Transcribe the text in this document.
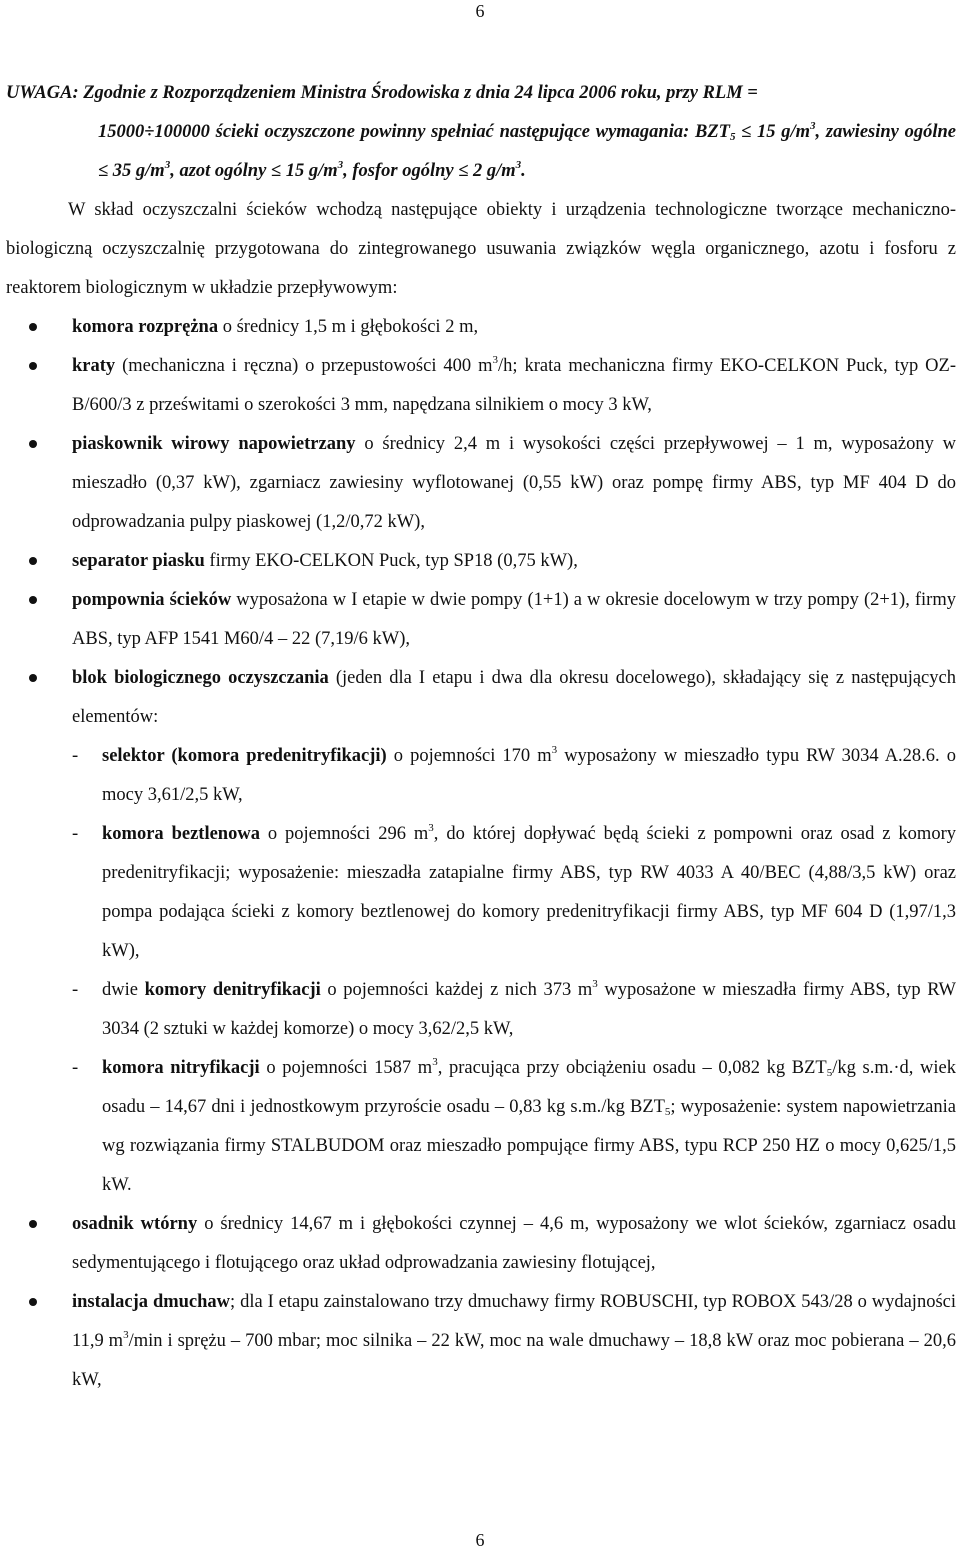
6

UWAGA: Zgodnie z Rozporządzeniem Ministra Środowiska z dnia 24 lipca 2006 roku, przy RLM =
15000÷100000 ścieki oczyszczone powinny spełniać następujące wymagania: $BZT_5 \le 15$ $g/m^3$, zawiesiny ogólne ≤ 35 $g/m^3$, azot ogólny ≤ 15 $g/m^3$, fosfor ogólny ≤ 2 $g/m^3$.

W skład oczyszczalni ścieków wchodzą następujące obiekty i urządzenia technologiczne tworzące mechaniczno-biologiczną oczyszczalnię przygotowana do zintegrowanego usuwania związków węgla organicznego, azotu i fosforu z reaktorem biologicznym w układzie przepływowym:

komora rozprężna o średnicy 1,5 m i głębokości 2 m,
kraty (mechaniczna i ręczna) o przepustowości 400 $m^3/h$; krata mechaniczna firmy EKO-CELKON Puck, typ OZ-B/600/3 z prześwitami o szerokości 3 mm, napędzana silnikiem o mocy 3 kW,
piaskownik wirowy napowietrzany o średnicy 2,4 m i wysokości części przepływowej – 1 m, wyposażony w mieszadło (0,37 kW), zgarniacz zawiesiny wyflotowanej (0,55 kW) oraz pompę firmy ABS, typ MF 404 D do odprowadzania pulpy piaskowej (1,2/0,72 kW),
separator piasku firmy EKO-CELKON Puck, typ SP18 (0,75 kW),
pompownia ścieków wyposażona w I etapie w dwie pompy (1+1) a w okresie docelowym w trzy pompy (2+1), firmy ABS, typ AFP 1541 M60/4 – 22 (7,19/6 kW),
blok biologicznego oczyszczania (jeden dla I etapu i dwa dla okresu docelowego), składający się z następujących elementów:
- selektor (komora predenitryfikacji) o pojemności 170 $m^3$ wyposażony w mieszadło typu RW 3034 A.28.6. o mocy 3,61/2,5 kW,
- komora beztlenowa o pojemności 296 $m^3$, do której dopływać będą ścieki z pompowni oraz osad z komory predenitryfikacji; wyposażenie: mieszadła zatapialne firmy ABS, typ RW 4033 A 40/BEC (4,88/3,5 kW) oraz pompa podająca ścieki z komory beztlenowej do komory predenitryfikacji firmy ABS, typ MF 604 D (1,97/1,3 kW),
- dwie komory denitryfikacji o pojemności każdej z nich 373 $m^3$ wyposażone w mieszadła firmy ABS, typ RW 3034 (2 sztuki w każdej komorze) o mocy 3,62/2,5 kW,
- komora nitryfikacji o pojemności 1587 $m^3$, pracująca przy obciążeniu osadu – 0,082 kg $BZT_5/kg$ s.m.·d, wiek osadu – 14,67 dni i jednostkowym przyroście osadu – 0,83 kg s.m./kg $BZT_5$; wyposażenie: system napowietrzania wg rozwiązania firmy STALBUDOM oraz mieszadło pompujące firmy ABS, typu RCP 250 HZ o mocy 0,625/1,5 kW.
osadnik wtórny o średnicy 14,67 m i głębokości czynnej – 4,6 m, wyposażony we wlot ścieków, zgarniacz osadu sedymentującego i flotującego oraz układ odprowadzania zawiesiny flotującej,
instalacja dmuchaw; dla I etapu zainstalowano trzy dmuchawy firmy ROBUSCHI, typ ROBOX 543/28 o wydajności 11,9 $m^3/\min$ i sprężu – 700 mbar; moc silnika – 22 kW, moc na wale dmuchawy – 18,8 kW oraz moc pobierana – 20,6 kW,
6
